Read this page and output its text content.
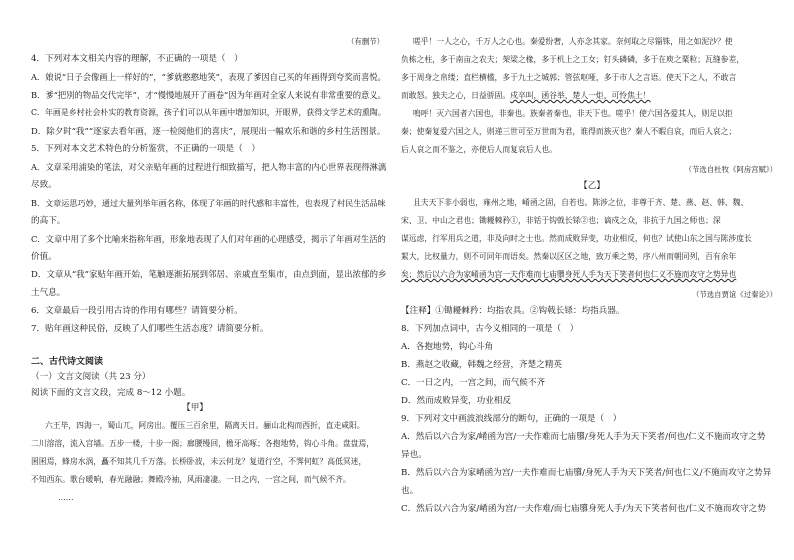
（有删节）
4．下列对本文相关内容的理解，不正确的一项是（　）
A．娘说“日子会像画上一样好的”，“爹就憨憨地笑”，表现了爹因自己买的年画得到夸奖而喜悦。
B．爹“把別的物品交代完毕”，才“慢慢地展开了画卷”因为年画对全家人来说有非常重要的意义。
C．年画是乡村社会朴实的教育资源，孩子们可以从年画中增加知识，开眼界，获得文学艺术的熏陶。
D．除夕时“我”“逐家去看年画，逐一检阅他们的喜庆”，展现出一幅欢乐和谐的乡村生活图景。
5．下列对本文艺术特色的分析鉴赏，不正确的一项是（　）
A．文章采用浦染的笔法，对父亲贴年画的过程进行细致描写，把人物丰富的内心世界表现得淋漓
尽致。
B．文章运思巧妙，通过大量列举年画名称，体现了年画的时代感和丰富性，也表现了村民生活品味
的高下。
C．文章中用了多个比喻来指称年画，形象地表现了人们对年画的心理感受，揭示了年画对生活的
价值。
D．文章从“我”家贴年画开始，笔触逐渐拓展到邻居、亲戚直至集市，由点到面，显出浓郁的乡
土气息。
6．文章最后一段引用古诗的作用有哪些？请简要分析。
7．贴年画这种民俗，反映了人们哪些生活态度？请简要分析。
二、古代诗文阅读
（一）文言文阅读（共 23 分）
阅读下面的文言文段，完成 8～12 小题。
【甲】
六王毕，四海一，蜀山兀，阿房出。覆压三百余里，隔离天日。骊山北构而西折，直走咸阳。
二川溶溶，流入宫墙。五步一楼，十步一阁；廊腰缦回，檐牙高啄；各抱地势，钩心斗角。盘盘焉，
囷囷焉，蜂房水涡，矗不知其几千万落。长桥卧波，未云何龙？复道行空，不霁何虹？高低冥迷，
不知西东。歌台暖响，春光融融；舞殿冷袖，风雨凄凄。一日之内，一宫之间，而气候不齐。
……
嗟乎！一人之心，千万人之心也。秦爱纷奢，人亦念其家。奈何取之尽锱铢，用之如泥沙？使
负栋之柱，多于南亩之农夫；架梁之椽，多于机上之工女；钉头磷磷，多于在庾之粟粒；瓦缝参差，
多于周身之帛缕；直栏横槛，多于九土之城郭；管弦呕哑，多于市人之言语。使天下之人，不敢言
而敢怒。独夫之心，日益骄固。戍卒叫，函谷举，楚人一炬，可怜焦土！
嗚呼！灭六国者六国也，非秦也。族秦者秦也，非天下也。嗟乎！使六国各爱其人，则足以拒
秦；使秦复爱六国之人，则递三世可至万世而为君，谁得而族灭也？秦人不暇自哀，而后人哀之；
后人哀之而不鉴之，亦使后人而复哀后人也。
（节选自杜牧《阿房宫赋》）
【乙】
且夫天下非小弱也，雍州之地，崤函之固，自若也。陈涉之位，非尊于齐、楚、燕、赵、韩、魏、
宋、卫、中山之君也；锄耰棘矜①，非铦于钩戟长铩②也；谪戍之众，非抗于九国之师也；深
谋远虑，行军用兵之道，非及向时之士也。然而成败异变，功业相反，何也？试使山东之国与陈涉度长
絜大，比权量力，则不可同年而语矣。然秦以区区之地，致万乘之势，序八州而朝同列，百有余年
矣；然后以六合为家崤函为宫一夫作难而七庙隳身死人手为天下笑者何也仁义不施而攻守之势异也
（节选自贾谊《过秦论》）
【注释】①锄耰棘矜：均指农具。②钩戟长铩：均指兵器。
8．下列加点词中，古今义相同的一项是（　）
A．各抱地势，钩心斗角
B．燕赵之收藏，韩魏之经营，齐楚之精英
C．一日之内，一宫之间，而气候不齐
D．然而成败异变，功业相反
9．下列对文中画波浪线部分的断句，正确的一项是（　）
A．然后以六合为家/崤函为宫/一夫作难而七庙隳/身死人手为天下笑者/何也/仁义不施而攻守之势
异也。
B．然后以六合为家崤函为宫/一夫作难而七庙隳/身死人手为天下笑者/何也仁义/不施而攻守之势异
也。
C．然后以六合为家/崤函为宫/一夫作难/而七庙隳身死人手/为天下笑者何也/仁义不施而攻守之势
